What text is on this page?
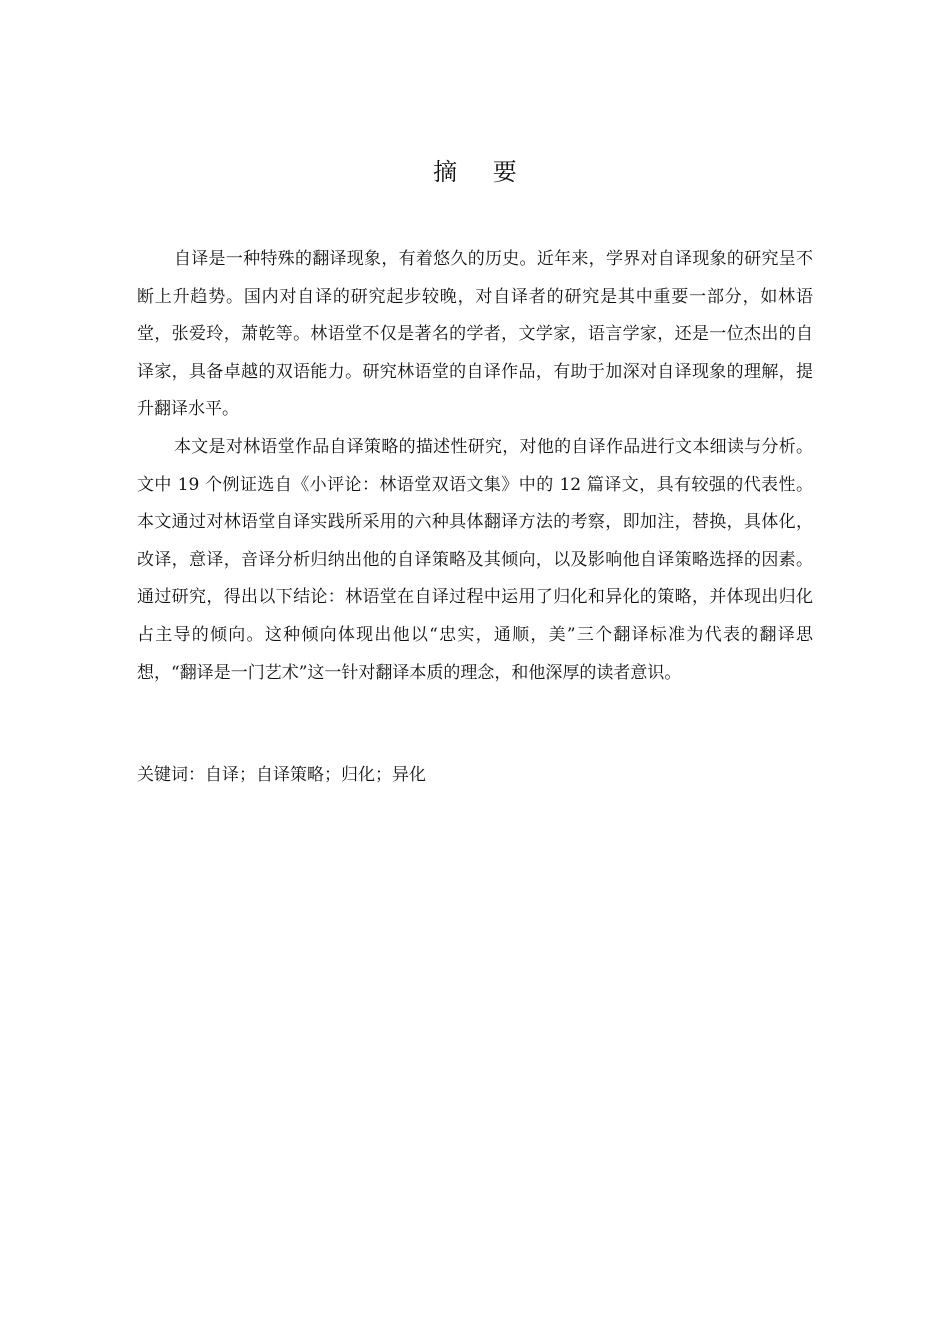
摘 要

自译是一种特殊的翻译现象，有着悠久的历史。近年来，学界对自译现象的研究呈不断上升趋势。国内对自译的研究起步较晚，对自译者的研究是其中重要一部分，如林语堂，张爱玲，萧乾等。林语堂不仅是著名的学者，文学家，语言学家，还是一位杰出的自译家，具备卓越的双语能力。研究林语堂的自译作品，有助于加深对自译现象的理解，提升翻译水平。

本文是对林语堂作品自译策略的描述性研究，对他的自译作品进行文本细读与分析。文中 19 个例证选自《小评论：林语堂双语文集》中的 12 篇译文，具有较强的代表性。本文通过对林语堂自译实践所采用的六种具体翻译方法的考察，即加注，替换，具体化，改译，意译，音译分析归纳出他的自译策略及其倾向，以及影响他自译策略选择的因素。通过研究，得出以下结论：林语堂在自译过程中运用了归化和异化的策略，并体现出归化占主导的倾向。这种倾向体现出他以“忠实，通顺，美”三个翻译标准为代表的翻译思想，“翻译是一门艺术”这一针对翻译本质的理念，和他深厚的读者意识。

关键词：自译；自译策略；归化；异化
